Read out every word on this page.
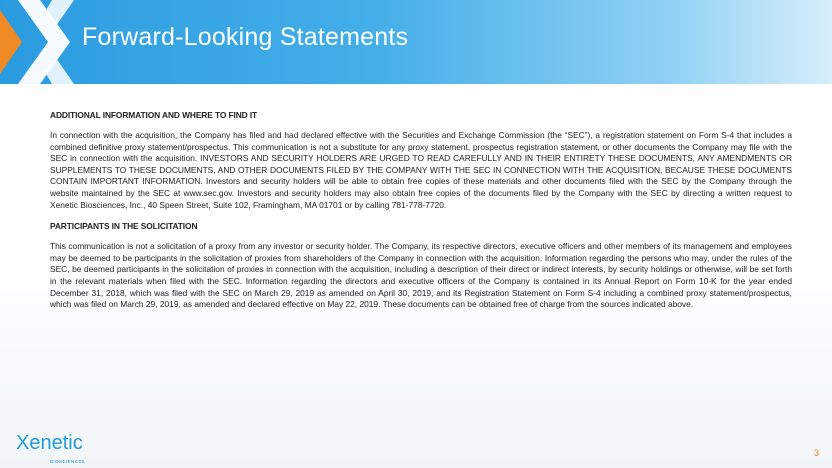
Forward-Looking Statements
ADDITIONAL INFORMATION AND WHERE TO FIND IT
In connection with the acquisition, the Company has filed and had declared effective with the Securities and Exchange Commission (the “SEC”), a registration statement on Form S-4 that includes a combined definitive proxy statement/prospectus. This communication is not a substitute for any proxy statement, prospectus registration statement, or other documents the Company may file with the SEC in connection with the acquisition. INVESTORS AND SECURITY HOLDERS ARE URGED TO READ CAREFULLY AND IN THEIR ENTIRETY THESE DOCUMENTS, ANY AMENDMENTS OR SUPPLEMENTS TO THESE DOCUMENTS, AND OTHER DOCUMENTS FILED BY THE COMPANY WITH THE SEC IN CONNECTION WITH THE ACQUISITION, BECAUSE THESE DOCUMENTS CONTAIN IMPORTANT INFORMATION. Investors and security holders will be able to obtain free copies of these materials and other documents filed with the SEC by the Company through the website maintained by the SEC at www.sec.gov. Investors and security holders may also obtain free copies of the documents filed by the Company with the SEC by directing a written request to Xenetic Biosciences, Inc., 40 Speen Street, Suite 102, Framingham, MA 01701 or by calling 781-778-7720.
PARTICIPANTS IN THE SOLICITATION
This communication is not a solicitation of a proxy from any investor or security holder. The Company, its respective directors, executive officers and other members of its management and employees may be deemed to be participants in the solicitation of proxies from shareholders of the Company in connection with the acquisition. Information regarding the persons who may, under the rules of the SEC, be deemed participants in the solicitation of proxies in connection with the acquisition, including a description of their direct or indirect interests, by security holdings or otherwise, will be set forth in the relevant materials when filed with the SEC. Information regarding the directors and executive officers of the Company is contained in its Annual Report on Form 10-K for the year ended December 31, 2018, which was filed with the SEC on March 29, 2019 as amended on April 30, 2019, and its Registration Statement on Form S-4 including a combined proxy statement/prospectus, which was filed on March 29, 2019, as amended and declared effective on May 22, 2019. These documents can be obtained free of charge from the sources indicated above.
Xenetic
BIOSCIENCES
3
